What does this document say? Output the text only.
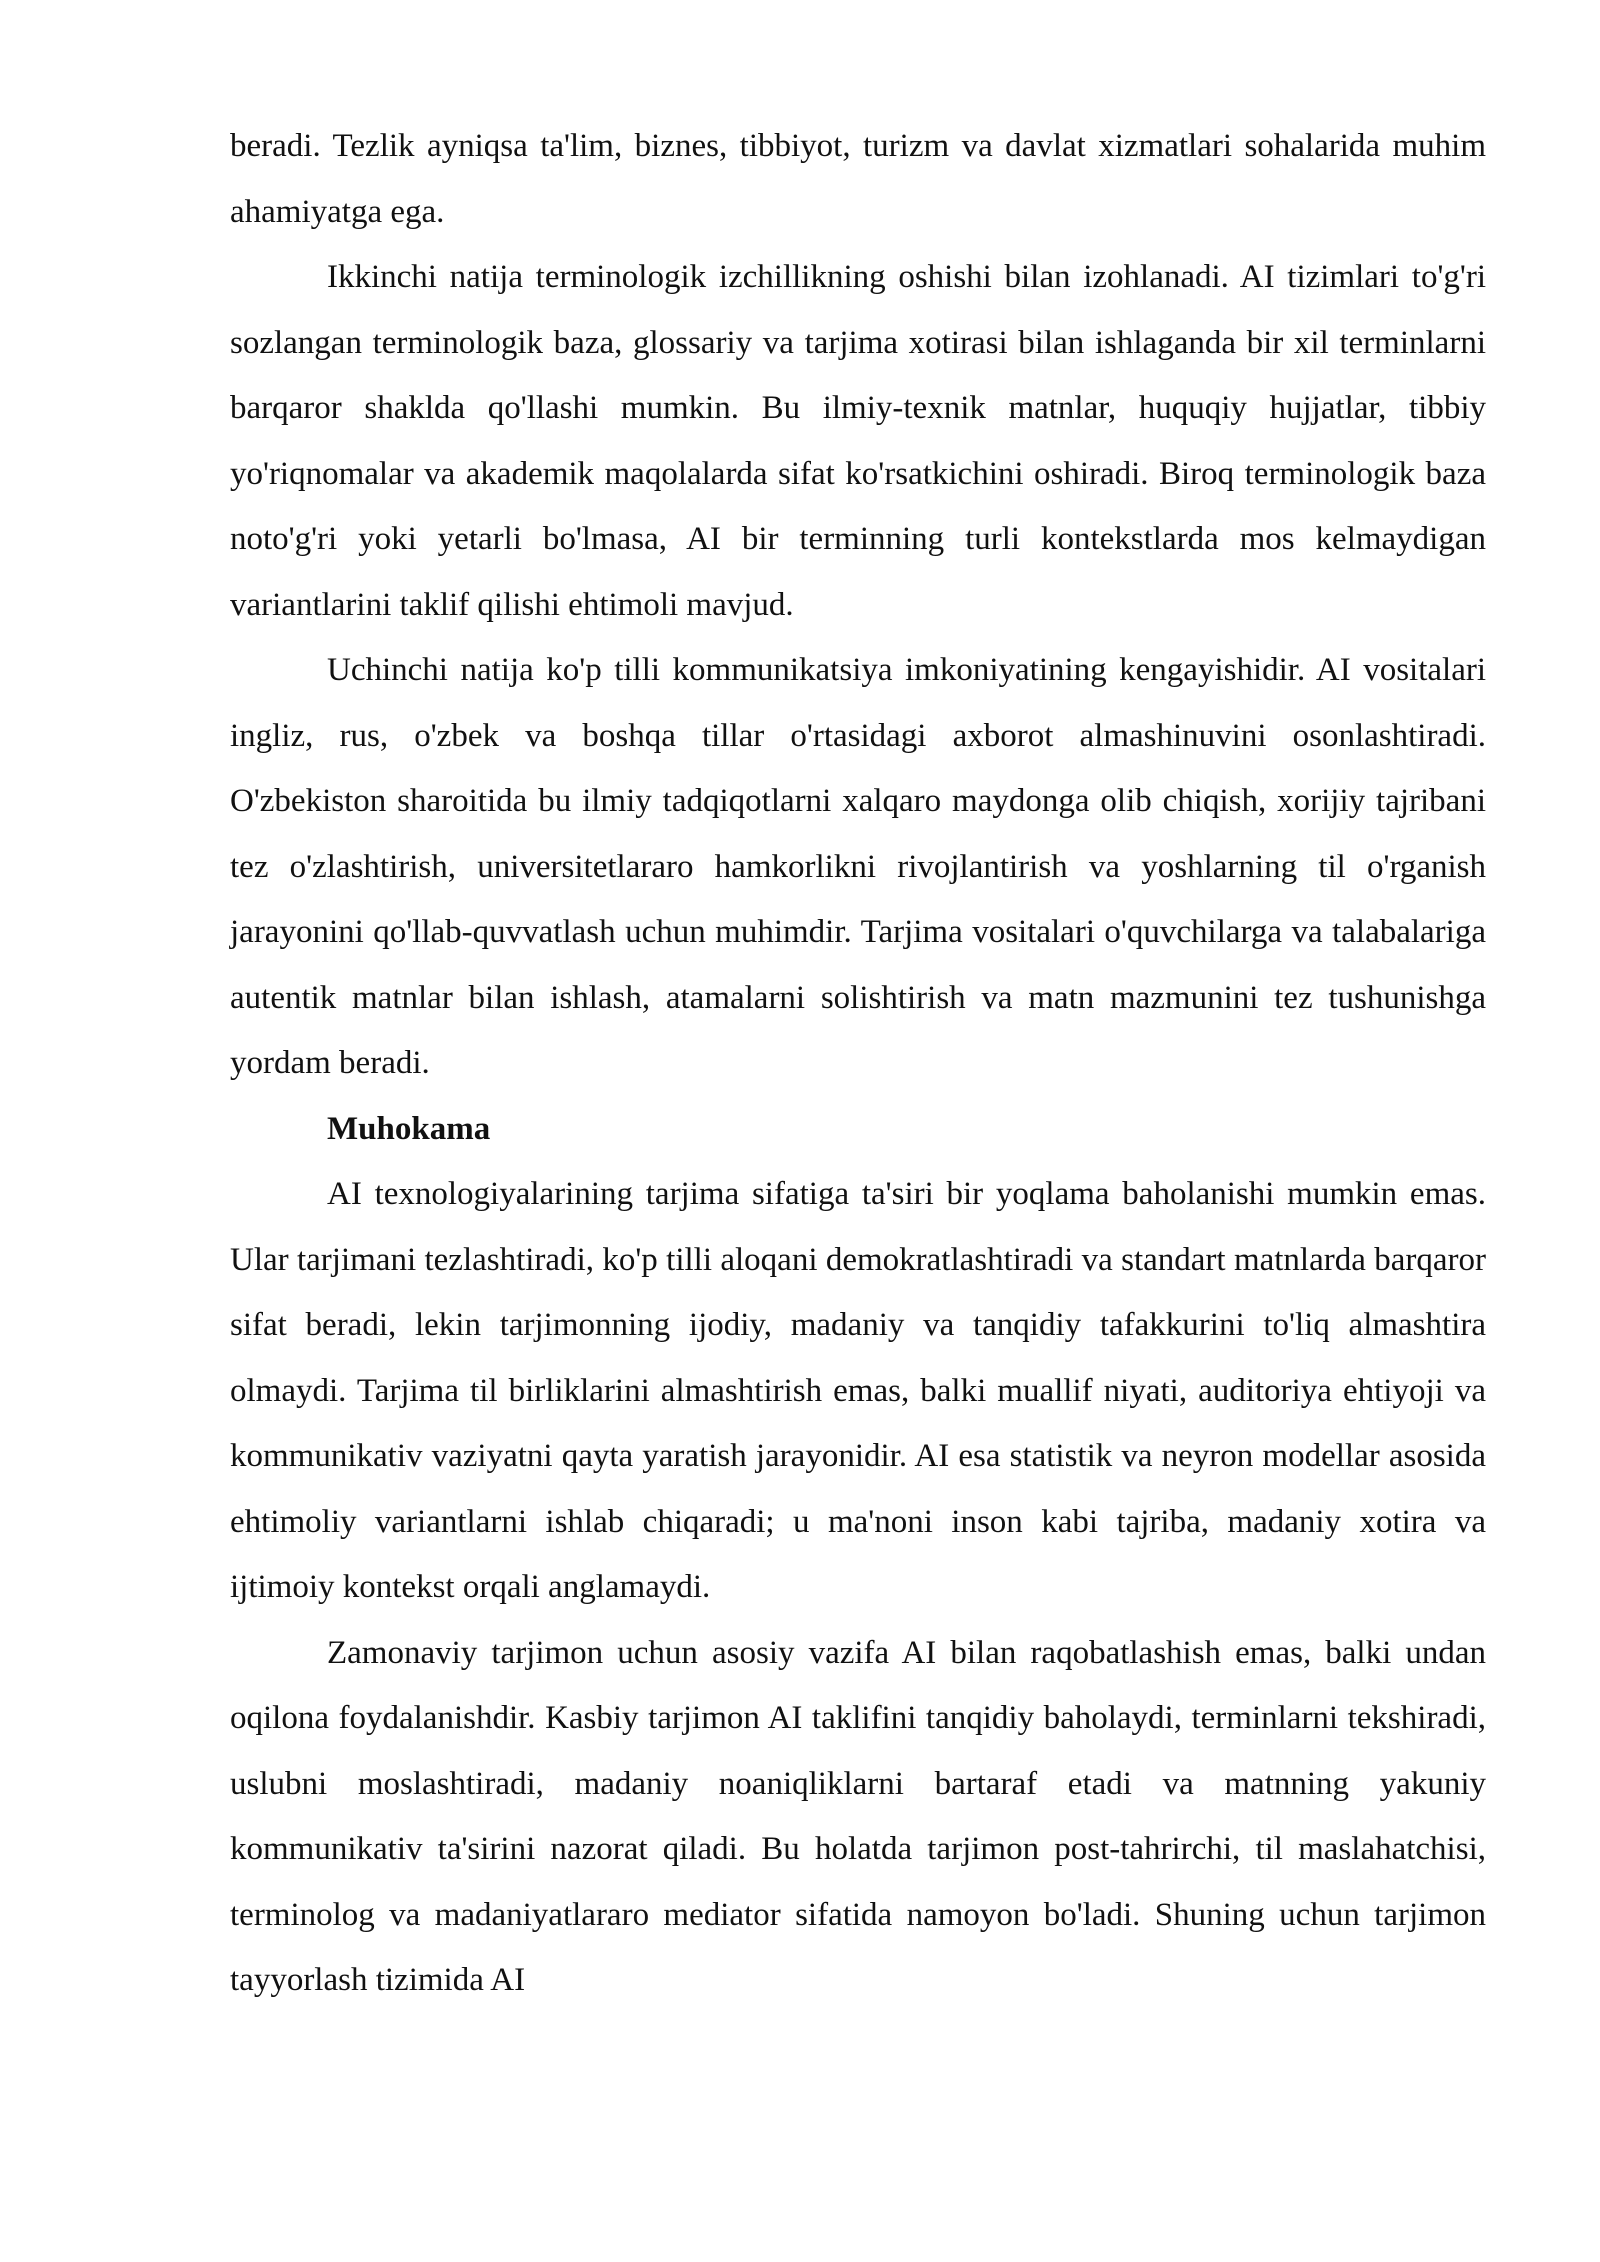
beradi. Tezlik ayniqsa ta'lim, biznes, tibbiyot, turizm va davlat xizmatlari sohalarida muhim ahamiyatga ega.

Ikkinchi natija terminologik izchillikning oshishi bilan izohlanadi. AI tizimlari to'g'ri sozlangan terminologik baza, glossariy va tarjima xotirasi bilan ishlaganda bir xil terminlarni barqaror shaklda qo'llashi mumkin. Bu ilmiy-texnik matnlar, huquqiy hujjatlar, tibbiy yo'riqnomalar va akademik maqolalarda sifat ko'rsatkichini oshiradi. Biroq terminologik baza noto'g'ri yoki yetarli bo'lmasa, AI bir terminning turli kontekstlarda mos kelmaydigan variantlarini taklif qilishi ehtimoli mavjud.

Uchinchi natija ko'p tilli kommunikatsiya imkoniyatining kengayishidir. AI vositalari ingliz, rus, o'zbek va boshqa tillar o'rtasidagi axborot almashinuvini osonlashtiradi. O'zbekiston sharoitida bu ilmiy tadqiqotlarni xalqaro maydonga olib chiqish, xorijiy tajribani tez o'zlashtirish, universitetlararo hamkorlikni rivojlantirish va yoshlarning til o'rganish jarayonini qo'llab-quvvatlash uchun muhimdir. Tarjima vositalari o'quvchilarga va talabalariga autentik matnlar bilan ishlash, atamalarni solishtirish va matn mazmunini tez tushunishga yordam beradi.

Muhokama

AI texnologiyalarining tarjima sifatiga ta'siri bir yoqlama baholanishi mumkin emas. Ular tarjimani tezlashtiradi, ko'p tilli aloqani demokratlashtiradi va standart matnlarda barqaror sifat beradi, lekin tarjimonning ijodiy, madaniy va tanqidiy tafakkurini to'liq almashtira olmaydi. Tarjima til birliklarini almashtirish emas, balki muallif niyati, auditoriya ehtiyoji va kommunikativ vaziyatni qayta yaratish jarayonidir. AI esa statistik va neyron modellar asosida ehtimoliy variantlarni ishlab chiqaradi; u ma'noni inson kabi tajriba, madaniy xotira va ijtimoiy kontekst orqali anglamaydi.

Zamonaviy tarjimon uchun asosiy vazifa AI bilan raqobatlashish emas, balki undan oqilona foydalanishdir. Kasbiy tarjimon AI taklifini tanqidiy baholaydi, terminlarni tekshiradi, uslubni moslashtiradi, madaniy noaniqliklarni bartaraf etadi va matnning yakuniy kommunikativ ta'sirini nazorat qiladi. Bu holatda tarjimon post-tahrirchi, til maslahatchisi, terminolog va madaniyatlararo mediator sifatida namoyon bo'ladi. Shuning uchun tarjimon tayyorlash tizimida AI
